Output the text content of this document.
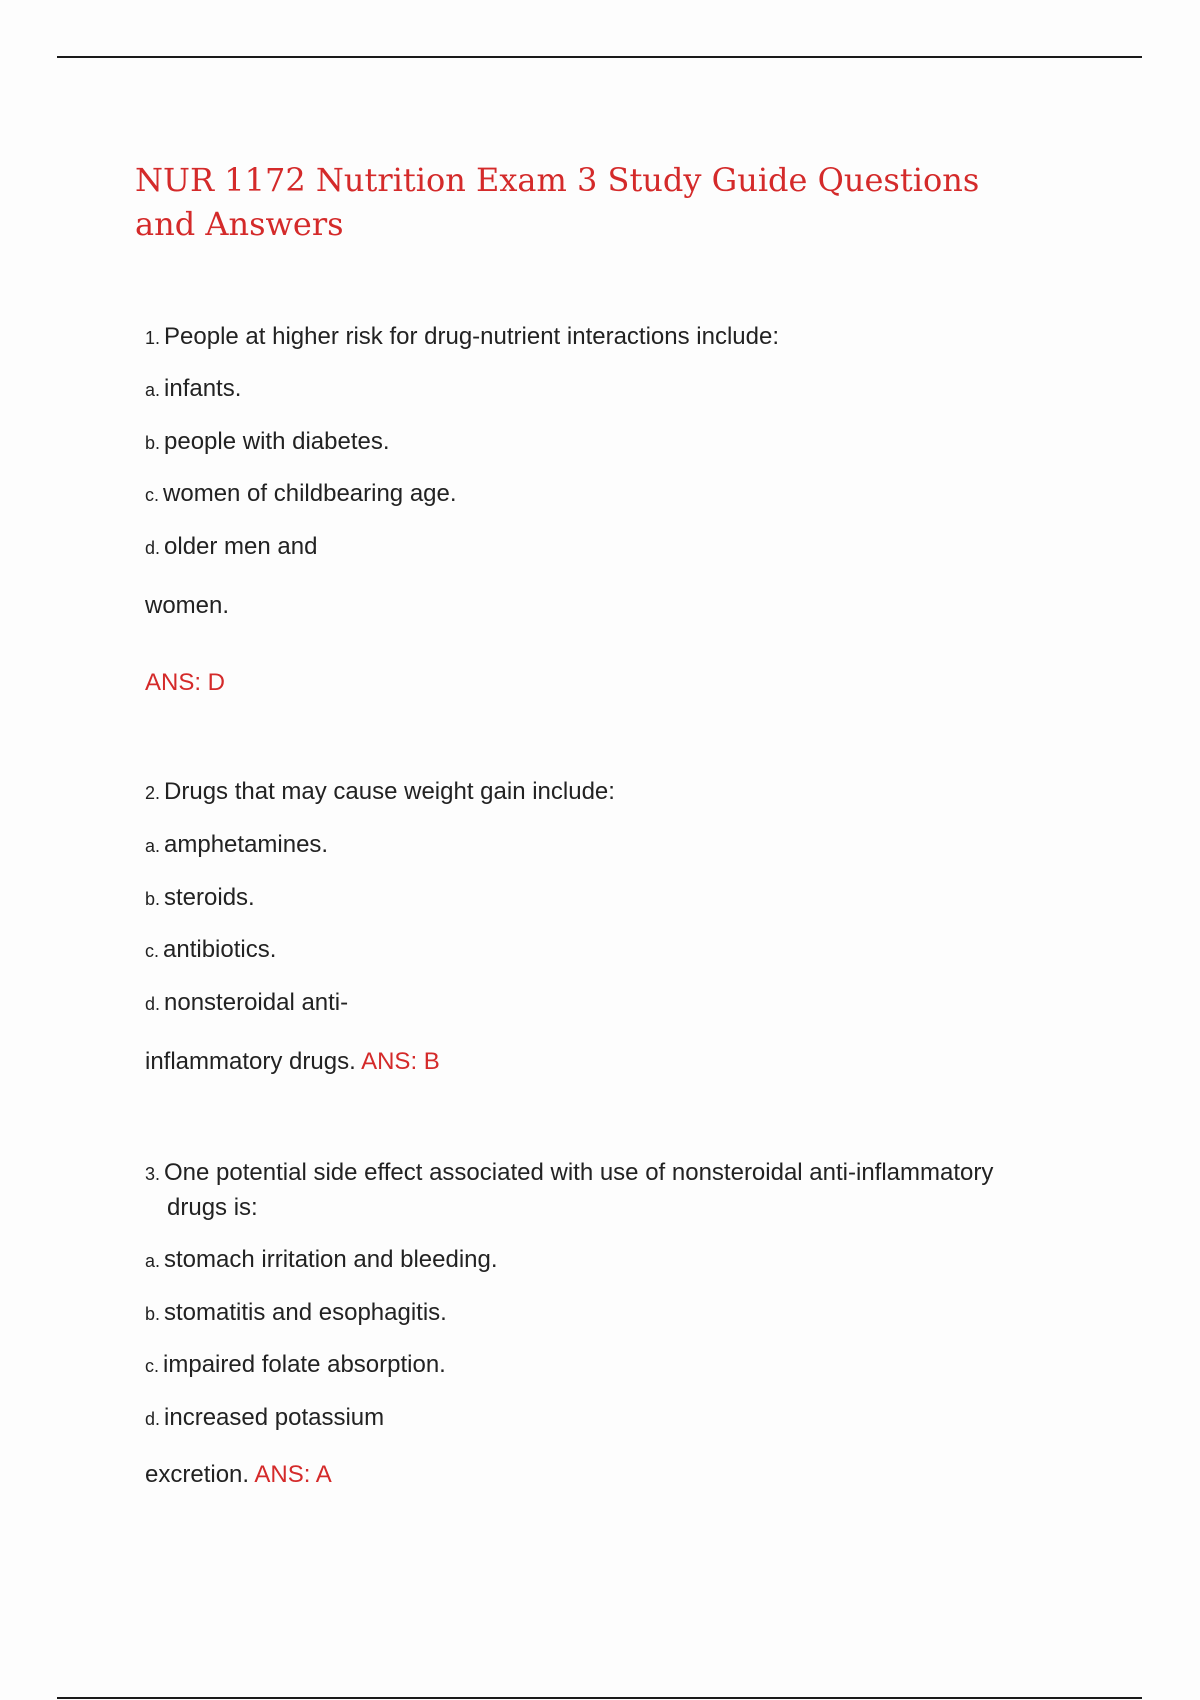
NUR 1172 Nutrition Exam 3 Study Guide Questions and Answers
1. People at higher risk for drug-nutrient interactions include:
a. infants.
b. people with diabetes.
c. women of childbearing age.
d. older men and
women.
ANS: D
2. Drugs that may cause weight gain include:
a. amphetamines.
b. steroids.
c. antibiotics.
d. nonsteroidal anti-
inflammatory drugs. ANS: B
3. One potential side effect associated with use of nonsteroidal anti-inflammatory
drugs is:
a. stomach irritation and bleeding.
b. stomatitis and esophagitis.
c. impaired folate absorption.
d. increased potassium
excretion. ANS: A
